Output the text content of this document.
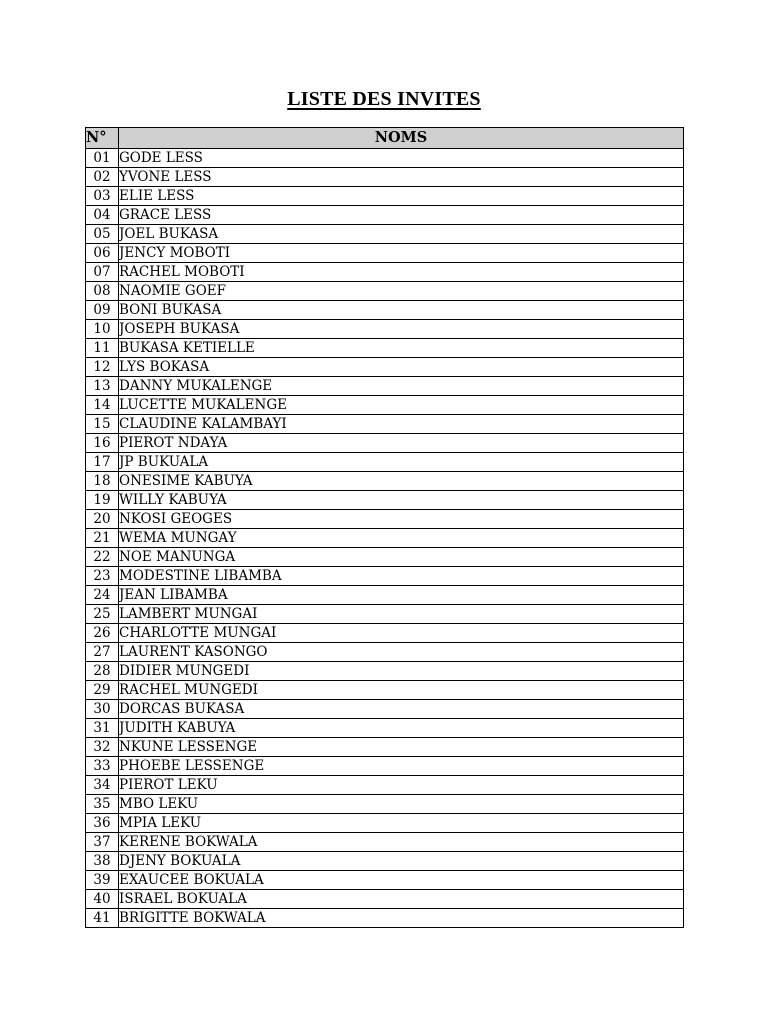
LISTE DES INVITES
N°	NOMS
01	GODE LESS
02	YVONE LESS
03	ELIE LESS
04	GRACE LESS
05	JOEL BUKASA
06	JENCY MOBOTI
07	RACHEL MOBOTI
08	NAOMIE GOEF
09	BONI BUKASA
10	JOSEPH BUKASA
11	BUKASA KETIELLE
12	LYS BOKASA
13	DANNY MUKALENGE
14	LUCETTE MUKALENGE
15	CLAUDINE KALAMBAYI
16	PIEROT NDAYA
17	JP BUKUALA
18	ONESIME KABUYA
19	WILLY KABUYA
20	NKOSI GEOGES
21	WEMA MUNGAY
22	NOE MANUNGA
23	MODESTINE LIBAMBA
24	JEAN LIBAMBA
25	LAMBERT MUNGAI
26	CHARLOTTE MUNGAI
27	LAURENT KASONGO
28	DIDIER MUNGEDI
29	RACHEL MUNGEDI
30	DORCAS BUKASA
31	JUDITH KABUYA
32	NKUNE LESSENGE
33	PHOEBE LESSENGE
34	PIEROT LEKU
35	MBO LEKU
36	MPIA LEKU
37	KERENE BOKWALA
38	DJENY BOKUALA
39	EXAUCEE BOKUALA
40	ISRAEL BOKUALA
41	BRIGITTE BOKWALA
